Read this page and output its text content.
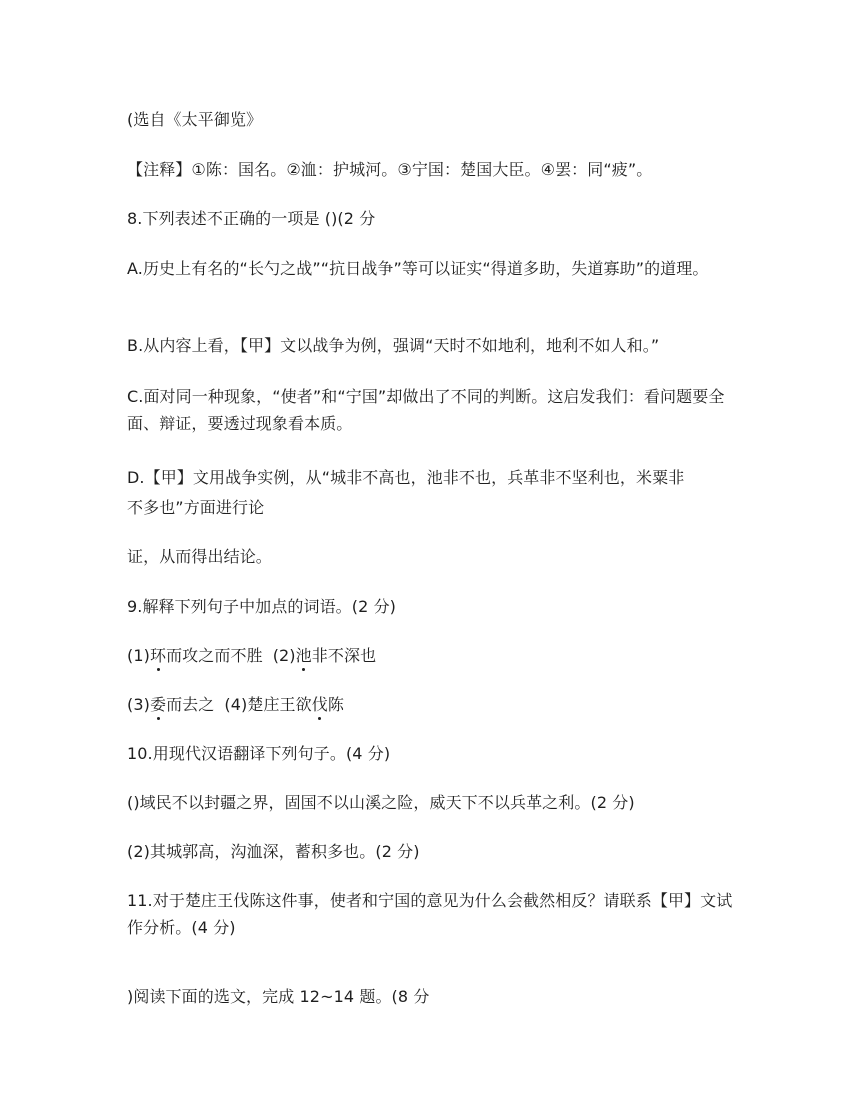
(选自《太平御览》
【注释】①陈：国名。②洫：护城河。③宁国：楚国大臣。④罢：同“疲”。
8.下列表述不正确的一项是 ()(2 分
A.历史上有名的“长勺之战”“抗日战争”等可以证实“得道多助，失道寡助”的道理。
B.从内容上看，【甲】文以战争为例，强调“天时不如地利，地利不如人和。”
C.面对同一种现象，“使者”和“宁国”却做出了不同的判断。这启发我们：看问题要全面、辩证，要透过现象看本质。
D.【甲】文用战争实例，从“城非不高也，池非不也，兵革非不坚利也，米粟非
不多也”方面进行论
证，从而得出结论。
9.解释下列句子中加点的词语。(2 分)
(1)环而攻之而不胜 (2)池非不深也
(3)委而去之 (4)楚庄王欲伐陈
10.用现代汉语翻译下列句子。(4 分)
()域民不以封疆之界，固国不以山溪之险，威天下不以兵革之利。(2 分)
(2)其城郭高，沟洫深，蓄积多也。(2 分)
11.对于楚庄王伐陈这件事，使者和宁国的意见为什么会截然相反？请联系【甲】文试作分析。(4 分)
)阅读下面的选文，完成 12~14 题。(8 分
